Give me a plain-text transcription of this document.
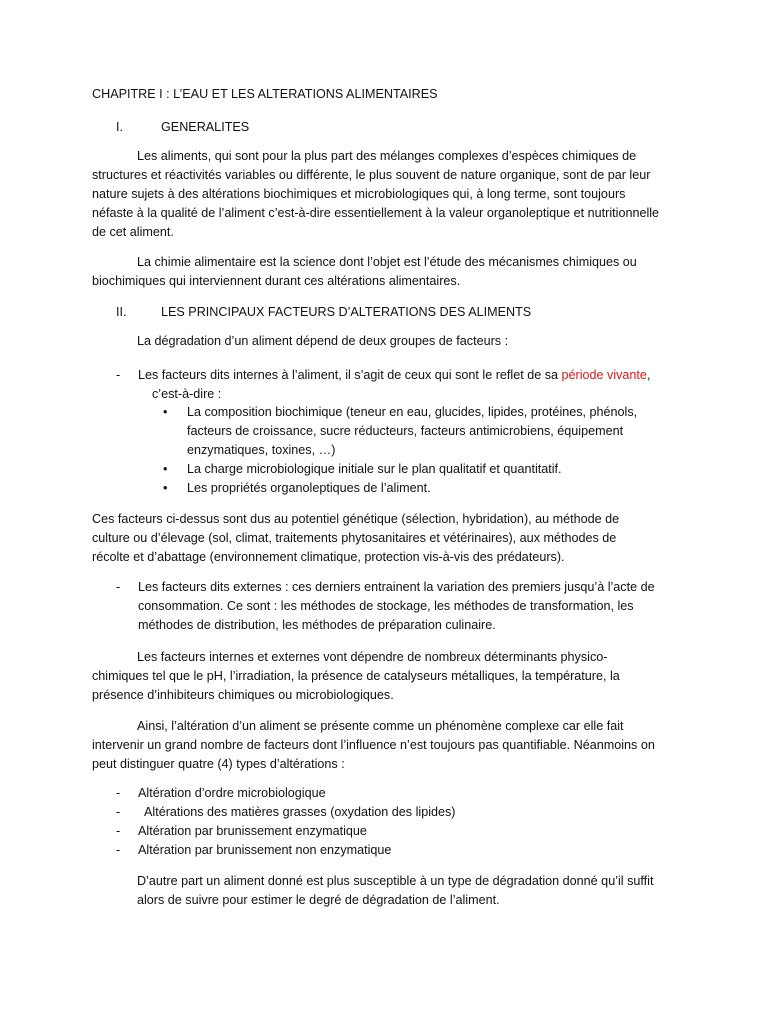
CHAPITRE I : L’EAU ET LES ALTERATIONS ALIMENTAIRES
I.	GENERALITES

Les aliments, qui sont pour la plus part des mélanges complexes d’espèces chimiques de structures et réactivités variables ou différente, le plus souvent de nature organique, sont de par leur nature sujets à des altérations biochimiques et microbiologiques qui, à long terme, sont toujours néfaste à la qualité de l’aliment c’est-à-dire essentiellement à la valeur organoleptique et nutritionnelle de cet aliment.

La chimie alimentaire est la science dont l’objet est l’étude des mécanismes chimiques ou biochimiques qui interviennent durant ces altérations alimentaires.

II.	LES PRINCIPAUX FACTEURS D’ALTERATIONS DES ALIMENTS

La dégradation d’un aliment dépend de deux groupes de facteurs :

- Les facteurs dits internes à l’aliment, il s’agit de ceux qui sont le reflet de sa période vivante,
c’est-à-dire :
• La composition biochimique (teneur en eau, glucides, lipides, protéines, phénols, facteurs de croissance, sucre réducteurs, facteurs antimicrobiens, équipement enzymatiques, toxines, …)
• La charge microbiologique initiale sur le plan qualitatif et quantitatif.
• Les propriétés organoleptiques de l’aliment.

Ces facteurs ci-dessus sont dus au potentiel génétique (sélection, hybridation), au méthode de culture ou d’élevage (sol, climat, traitements phytosanitaires et vétérinaires), aux méthodes de récolte et d’abattage (environnement climatique, protection vis-à-vis des prédateurs).

- Les facteurs dits externes : ces derniers entrainent la variation des premiers jusqu’à l’acte de consommation. Ce sont : les méthodes de stockage, les méthodes de transformation, les méthodes de distribution, les méthodes de préparation culinaire.

Les facteurs internes et externes vont dépendre de nombreux déterminants physico-chimiques tel que le pH, l’irradiation, la présence de catalyseurs métalliques, la température, la présence d’inhibiteurs chimiques ou microbiologiques.

Ainsi, l’altération d’un aliment se présente comme un phénomène complexe car elle fait intervenir un grand nombre de facteurs dont l’influence n’est toujours pas quantifiable. Néanmoins on peut distinguer quatre (4) types d’altérations :

- Altération d’ordre microbiologique
- Altérations des matières grasses (oxydation des lipides)
- Altération par brunissement enzymatique
- Altération par brunissement non enzymatique

D’autre part un aliment donné est plus susceptible à un type de dégradation donné qu’il suffit alors de suivre pour estimer le degré de dégradation de l’aliment.
